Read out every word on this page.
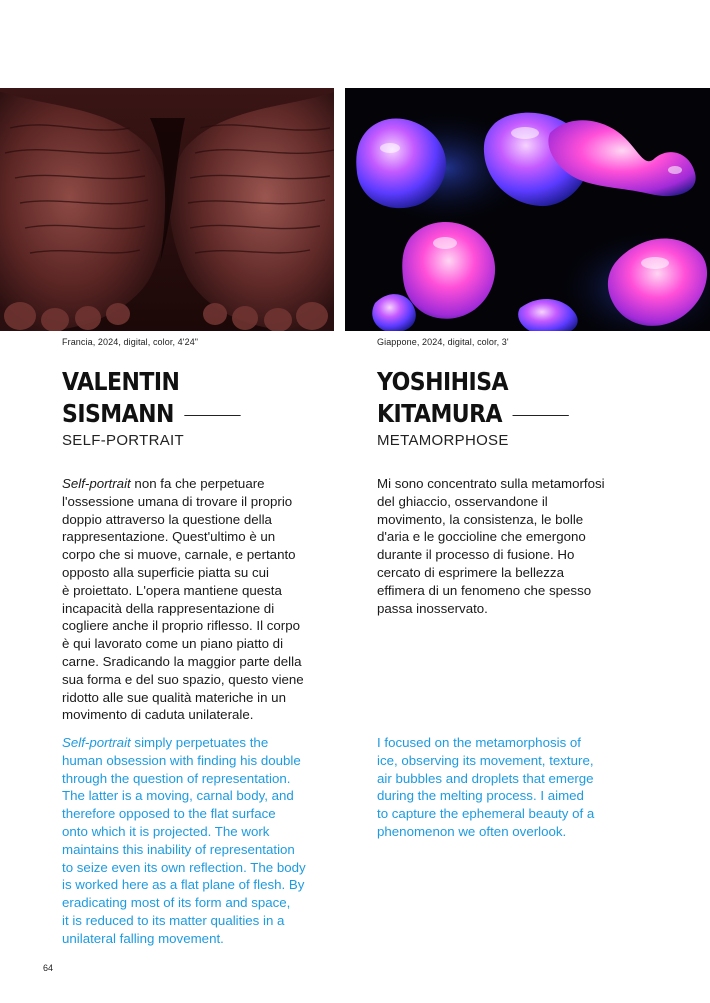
Francia, 2024, digital, color, 4'24"
VALENTIN
SISMANN
SELF-PORTRAIT

Self-portrait non fa che perpetuare
l'ossessione umana di trovare il proprio
doppio attraverso la questione della
rappresentazione. Quest'ultimo è un
corpo che si muove, carnale, e pertanto
opposto alla superficie piatta su cui
è proiettato. L'opera mantiene questa
incapacità della rappresentazione di
cogliere anche il proprio riflesso. Il corpo
è qui lavorato come un piano piatto di
carne. Sradicando la maggior parte della
sua forma e del suo spazio, questo viene
ridotto alle sue qualità materiche in un
movimento di caduta unilaterale.

Self-portrait simply perpetuates the
human obsession with finding his double
through the question of representation.
The latter is a moving, carnal body, and
therefore opposed to the flat surface
onto which it is projected. The work
maintains this inability of representation
to seize even its own reflection. The body
is worked here as a flat plane of flesh. By
eradicating most of its form and space,
it is reduced to its matter qualities in a
unilateral falling movement.

Giappone, 2024, digital, color, 3'
YOSHIHISA
KITAMURA
METAMORPHOSE

Mi sono concentrato sulla metamorfosi
del ghiaccio, osservandone il
movimento, la consistenza, le bolle
d'aria e le goccioline che emergono
durante il processo di fusione. Ho
cercato di esprimere la bellezza
effimera di un fenomeno che spesso
passa inosservato.

I focused on the metamorphosis of
ice, observing its movement, texture,
air bubbles and droplets that emerge
during the melting process. I aimed
to capture the ephemeral beauty of a
phenomenon we often overlook.

64
